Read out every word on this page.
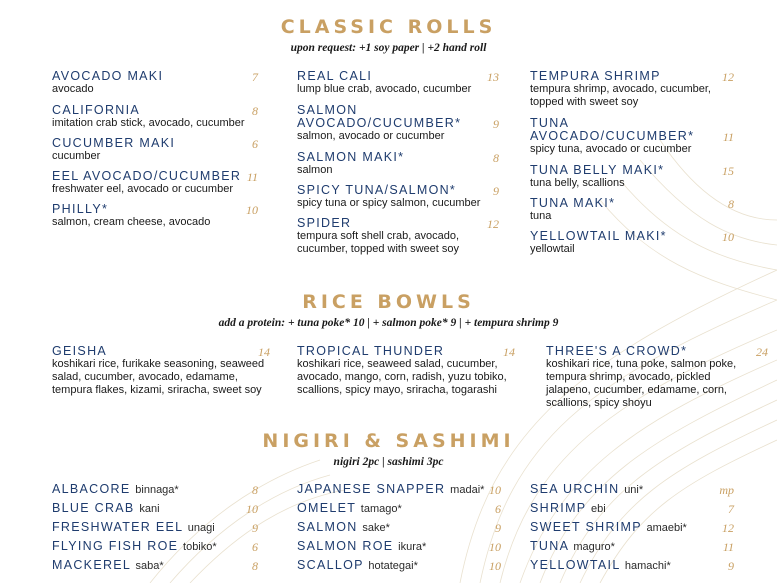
CLASSIC ROLLS
upon request: +1 soy paper | +2 hand roll
AVOCADO MAKI
avocado
7
CALIFORNIA
imitation crab stick, avocado, cucumber
8
CUCUMBER MAKI
cucumber
6
EEL AVOCADO/CUCUMBER
freshwater eel, avocado or cucumber
11
PHILLY*
salmon, cream cheese, avocado
10
REAL CALI
lump blue crab, avocado, cucumber
13
SALMON
AVOCADO/CUCUMBER*
salmon, avocado or cucumber
9
SALMON MAKI*
salmon
8
SPICY TUNA/SALMON*
spicy tuna or spicy salmon, cucumber
9
SPIDER
tempura soft shell crab, avocado,
cucumber, topped with sweet soy
12
TEMPURA SHRIMP
tempura shrimp, avocado, cucumber,
topped with sweet soy
12
TUNA
AVOCADO/CUCUMBER*
spicy tuna, avocado or cucumber
11
TUNA BELLY MAKI*
tuna belly, scallions
15
TUNA MAKI*
tuna
8
YELLOWTAIL MAKI*
yellowtail
10
RICE BOWLS
add a protein: + tuna poke* 10 | + salmon poke* 9 | + tempura shrimp 9
GEISHA
koshikari rice, furikake seasoning, seaweed
salad, cucumber, avocado, edamame,
tempura flakes, kizami, sriracha, sweet soy
14 TROPICAL THUNDER
koshikari rice, seaweed salad, cucumber,
avocado, mango, corn, radish, yuzu tobiko,
scallions, spicy mayo, sriracha, togarashi
14 THREE'S A CROWD*
koshikari rice, tuna poke, salmon poke,
tempura shrimp, avocado, pickled
jalapeno, cucumber, edamame, corn,
scallions, spicy shoyu
24
NIGIRI & SASHIMI
nigiri 2pc | sashimi 3pc
ALBACORE binnaga*	8
BLUE CRAB kani	10
FRESHWATER EEL unagi	9
FLYING FISH ROE tobiko*	6
MACKEREL saba*	8
JAPANESE SNAPPER madai* 10
OMELET tamago*	6
SALMON sake*	9
SALMON ROE ikura*	10
SCALLOP hotategai*	10
SEA URCHIN uni*	mp
SHRIMP ebi	7
SWEET SHRIMP amaebi*	12
TUNA maguro*	11
YELLOWTAIL hamachi*	9
